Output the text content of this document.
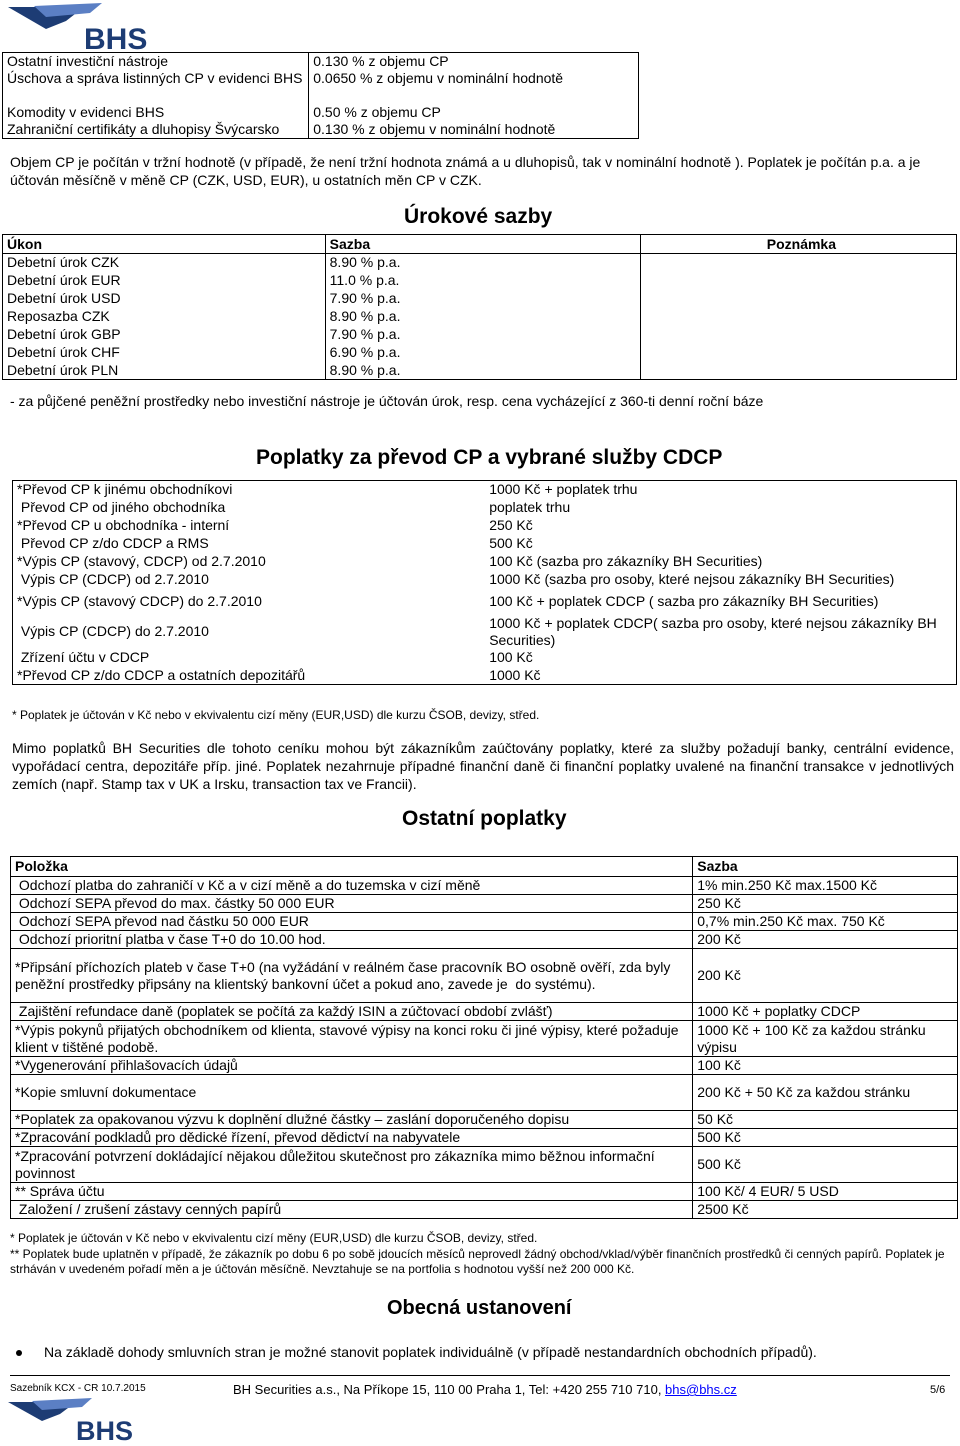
BHS
Ostatní investiční nástroje	0.130 % z objemu CP
Úschova a správa listinných CP v evidenci BHS	0.0650 % z objemu v nominální hodnotě
Komodity v evidenci BHS	0.50 % z objemu CP
Zahraniční certifikáty a dluhopisy Švýcarsko	0.130 % z objemu v nominální hodnotě

Objem CP je počítán v tržní hodnotě (v případě, že není tržní hodnota známá a u dluhopisů, tak v nominální hodnotě ). Poplatek je počítán p.a. a je účtován měsíčně v měně CP (CZK, USD, EUR), u ostatních měn CP v CZK.

Úrokové sazby
Úkon	Sazba	Poznámka
Debetní úrok CZK	8.90 % p.a.	
Debetní úrok EUR	11.0 % p.a.	
Debetní úrok USD	7.90 % p.a.	
Reposazba CZK	8.90 % p.a.	
Debetní úrok GBP	7.90 % p.a.	
Debetní úrok CHF	6.90 % p.a.	
Debetní úrok PLN	8.90 % p.a.	

- za půjčené peněžní prostředky nebo investiční nástroje je účtován úrok, resp. cena vycházející z 360-ti denní roční báze

Poplatky za převod CP a vybrané služby CDCP
*Převod CP k jinému obchodníkovi	1000 Kč + poplatek trhu
Převod CP od jiného obchodníka	poplatek trhu
*Převod CP u obchodníka - interní	250 Kč
Převod CP z/do CDCP a RMS	500 Kč
*Výpis CP (stavový, CDCP) od 2.7.2010	100 Kč (sazba pro zákazníky BH Securities)
Výpis CP (CDCP) od 2.7.2010	1000 Kč (sazba pro osoby, které nejsou zákazníky BH Securities)
*Výpis CP (stavový CDCP) do 2.7.2010	100 Kč + poplatek CDCP ( sazba pro zákazníky BH Securities)
Výpis CP (CDCP) do 2.7.2010	1000 Kč + poplatek CDCP( sazba pro osoby, které nejsou zákazníky BH Securities)
Zřízení účtu v CDCP	100 Kč
*Převod CP z/do CDCP a ostatních depozitářů	1000 Kč

* Poplatek je účtován v Kč nebo v ekvivalentu cizí měny (EUR,USD) dle kurzu ČSOB, devizy, střed.

Mimo poplatků BH Securities dle tohoto ceníku mohou být zákazníkům zaúčtovány poplatky, které za služby požadují banky, centrální evidence, vypořádací centra, depozitáře příp. jiné. Poplatek nezahrnuje případné finanční daně či finanční poplatky uvalené na finanční transakce v jednotlivých zemích (např. Stamp tax v UK a Irsku, transaction tax ve Francii).

Ostatní poplatky
Položka	Sazba
Odchozí platba do zahraničí v Kč a v cizí měně a do tuzemska v cizí měně	1% min.250 Kč max.1500 Kč
Odchozí SEPA převod do max. částky 50 000 EUR	250 Kč
Odchozí SEPA převod nad částku 50 000 EUR	0,7% min.250 Kč max. 750 Kč
Odchozí prioritní platba v čase T+0 do 10.00 hod.	200 Kč
*Připsání příchozích plateb v čase T+0 (na vyžádání v reálném čase pracovník BO osobně ověří, zda byly peněžní prostředky připsány na klientský bankovní účet a pokud ano, zavede je  do systému).	200 Kč
Zajištění refundace daně (poplatek se počítá za každý ISIN a zúčtovací období zvlášť)	1000 Kč + poplatky CDCP
*Výpis pokynů přijatých obchodníkem od klienta, stavové výpisy na konci roku či jiné výpisy, které požaduje klient v tištěné podobě.	1000 Kč + 100 Kč za každou stránku výpisu
*Vygenerování přihlašovacích údajů	100 Kč
*Kopie smluvní dokumentace	200 Kč + 50 Kč za každou stránku
*Poplatek za opakovanou výzvu k doplnění dlužné částky – zaslání doporučeného dopisu	50 Kč
*Zpracování podkladů pro dědické řízení, převod dědictví na nabyvatele	500 Kč
*Zpracování potvrzení dokládající nějakou důležitou skutečnost pro zákazníka mimo běžnou informační povinnost	500 Kč
** Správa účtu	100 Kč/ 4 EUR/ 5 USD
Založení / zrušení zástavy cenných papírů	2500 Kč

* Poplatek je účtován v Kč nebo v ekvivalentu cizí měny (EUR,USD) dle kurzu ČSOB, devizy, střed.

** Poplatek bude uplatněn v případě, že zákazník po dobu 6 po sobě jdoucích měsíců neprovedl žádný obchod/vklad/výběr finančních prostředků či cenných papírů. Poplatek je strháván v uvedeném pořadí měn a je účtován měsíčně. Nevztahuje se na portfolia s hodnotou vyšší než 200 000 Kč.

Obecná ustanovení

Na základě dohody smluvních stran je možné stanovit poplatek individuálně (v případě nestandardních obchodních případů).

Sazebník KCX - CR 10.7.2015	BH Securities a.s., Na Příkope 15, 110 00 Praha 1, Tel: +420 255 710 710, bhs@bhs.cz	5/6
BHS
